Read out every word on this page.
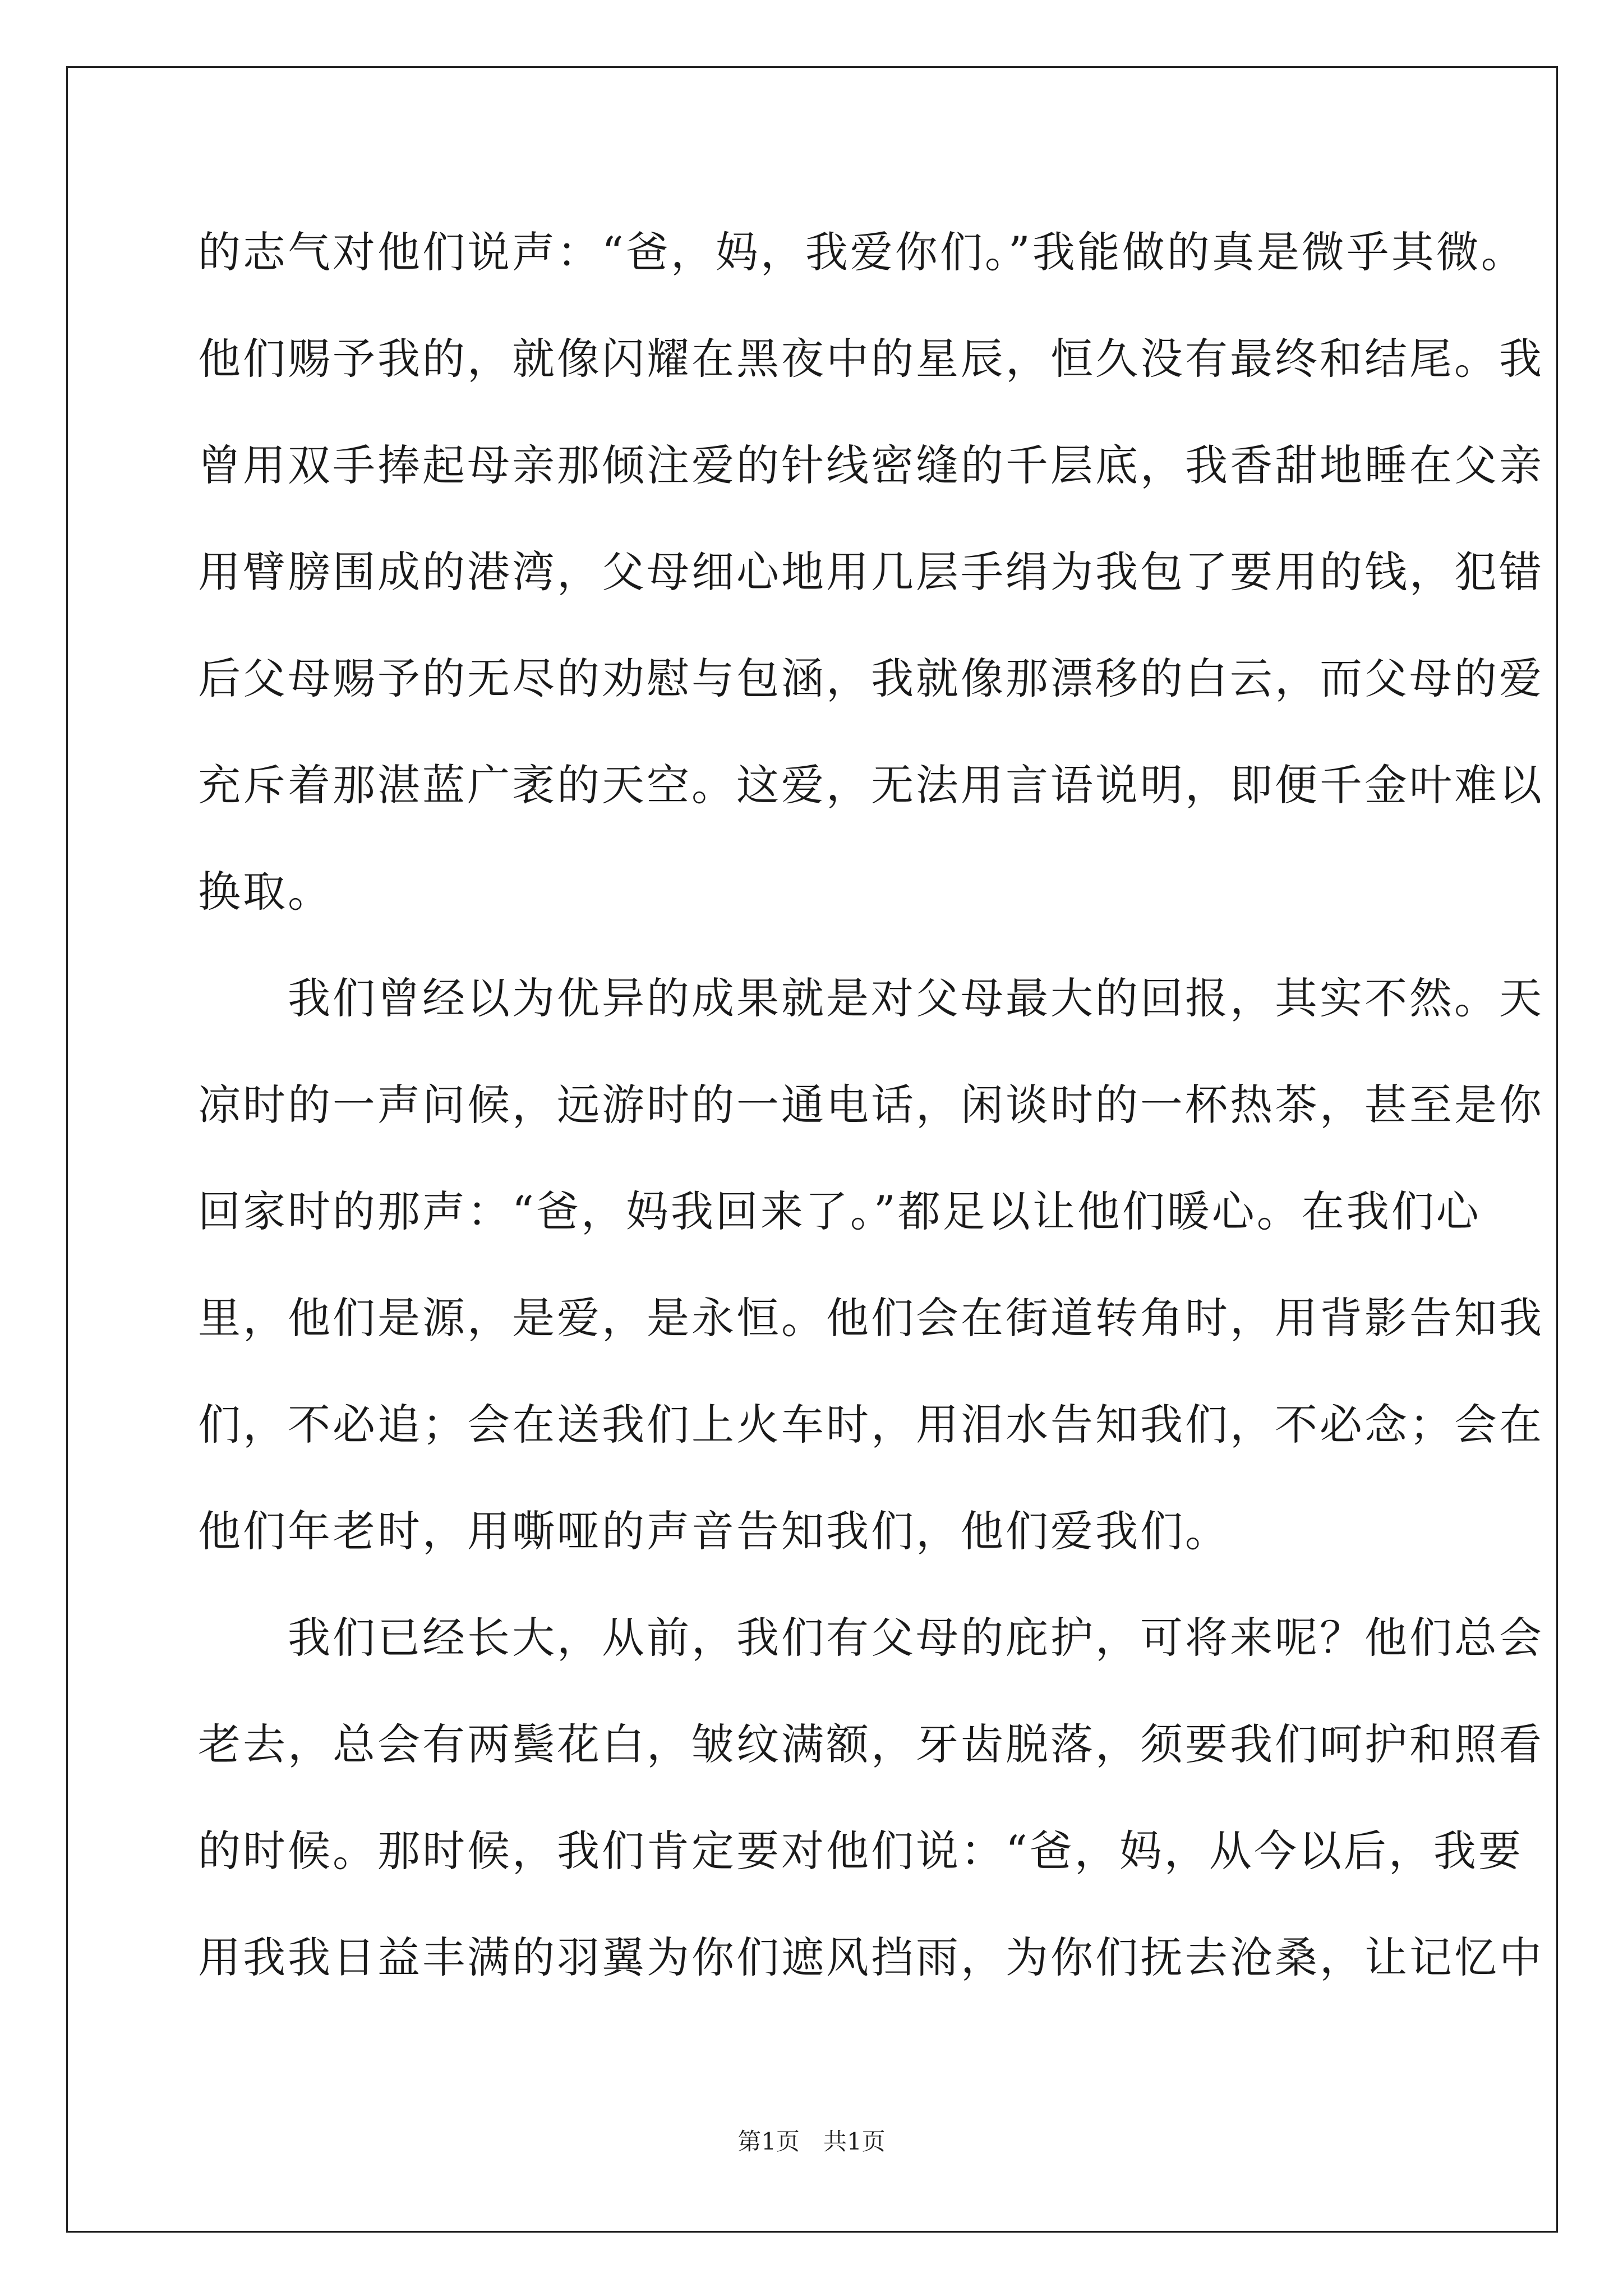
的志气对他们说声：“爸，妈，我爱你们。”我能做的真是微乎其微。
他们赐予我的，就像闪耀在黑夜中的星辰，恒久没有最终和结尾。我
曾用双手捧起母亲那倾注爱的针线密缝的千层底，我香甜地睡在父亲
用臂膀围成的港湾，父母细心地用几层手绢为我包了要用的钱，犯错
后父母赐予的无尽的劝慰与包涵，我就像那漂移的白云，而父母的爱
充斥着那湛蓝广袤的天空。这爱，无法用言语说明，即便千金叶难以
换取。
　　我们曾经以为优异的成果就是对父母最大的回报，其实不然。天
凉时的一声问候，远游时的一通电话，闲谈时的一杯热茶，甚至是你
回家时的那声：“爸，妈我回来了。”都足以让他们暖心。在我们心
里，他们是源，是爱，是永恒。他们会在街道转角时，用背影告知我
们，不必追；会在送我们上火车时，用泪水告知我们，不必念；会在
他们年老时，用嘶哑的声音告知我们，他们爱我们。
　　我们已经长大，从前，我们有父母的庇护，可将来呢？他们总会
老去，总会有两鬓花白，皱纹满额，牙齿脱落，须要我们呵护和照看
的时候。那时候，我们肯定要对他们说：“爸，妈，从今以后，我要
用我我日益丰满的羽翼为你们遮风挡雨，为你们抚去沧桑，让记忆中
第1页　共1页
